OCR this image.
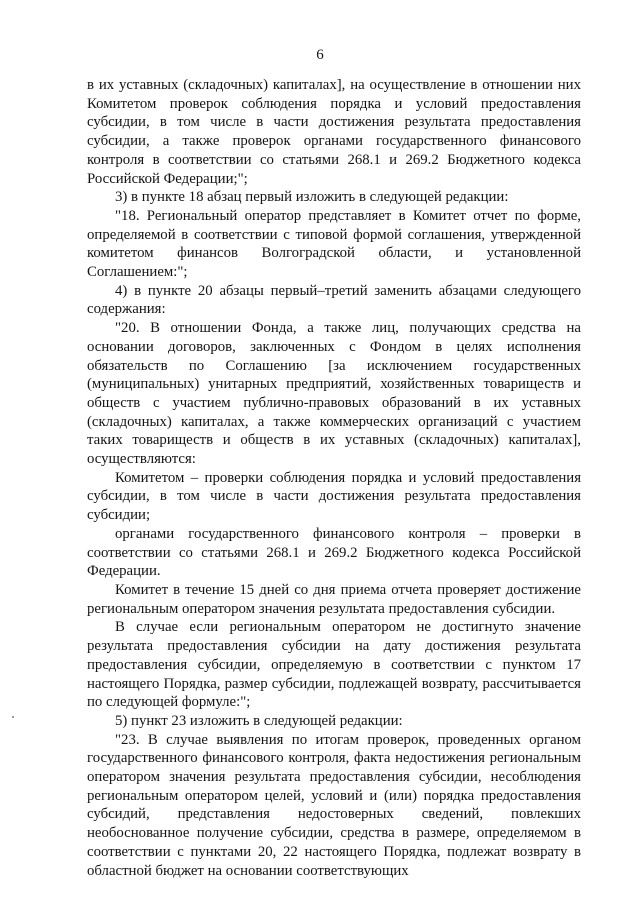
6

в их уставных (складочных) капиталах], на осуществление в отношении них Комитетом проверок соблюдения порядка и условий предоставления субсидии, в том числе в части достижения результата предоставления субсидии, а также проверок органами государственного финансового контроля в соответствии со статьями 268.1 и 269.2 Бюджетного кодекса Российской Федерации;";

3) в пункте 18 абзац первый изложить в следующей редакции:

"18. Региональный оператор представляет в Комитет отчет по форме, определяемой в соответствии с типовой формой соглашения, утвержденной комитетом финансов Волгоградской области, и установленной Соглашением:";

4) в пункте 20 абзацы первый–третий заменить абзацами следующего содержания:

"20. В отношении Фонда, а также лиц, получающих средства на основании договоров, заключенных с Фондом в целях исполнения обязательств по Соглашению [за исключением государственных (муниципальных) унитарных предприятий, хозяйственных товариществ и обществ с участием публично-правовых образований в их уставных (складочных) капиталах, а также коммерческих организаций с участием таких товариществ и обществ в их уставных (складочных) капиталах], осуществляются:

Комитетом – проверки соблюдения порядка и условий предоставления субсидии, в том числе в части достижения результата предоставления субсидии;

органами государственного финансового контроля – проверки в соответствии со статьями 268.1 и 269.2 Бюджетного кодекса Российской Федерации.

Комитет в течение 15 дней со дня приема отчета проверяет достижение региональным оператором значения результата предоставления субсидии.

В случае если региональным оператором не достигнуто значение результата предоставления субсидии на дату достижения результата предоставления субсидии, определяемую в соответствии с пунктом 17 настоящего Порядка, размер субсидии, подлежащей возврату, рассчитывается по следующей формуле:";

5) пункт 23 изложить в следующей редакции:

"23. В случае выявления по итогам проверок, проведенных органом государственного финансового контроля, факта недостижения региональным оператором значения результата предоставления субсидии, несоблюдения региональным оператором целей, условий и (или) порядка предоставления субсидий, представления недостоверных сведений, повлекших необоснованное получение субсидии, средства в размере, определяемом в соответствии с пунктами 20, 22 настоящего Порядка, подлежат возврату в областной бюджет на основании соответствующих
